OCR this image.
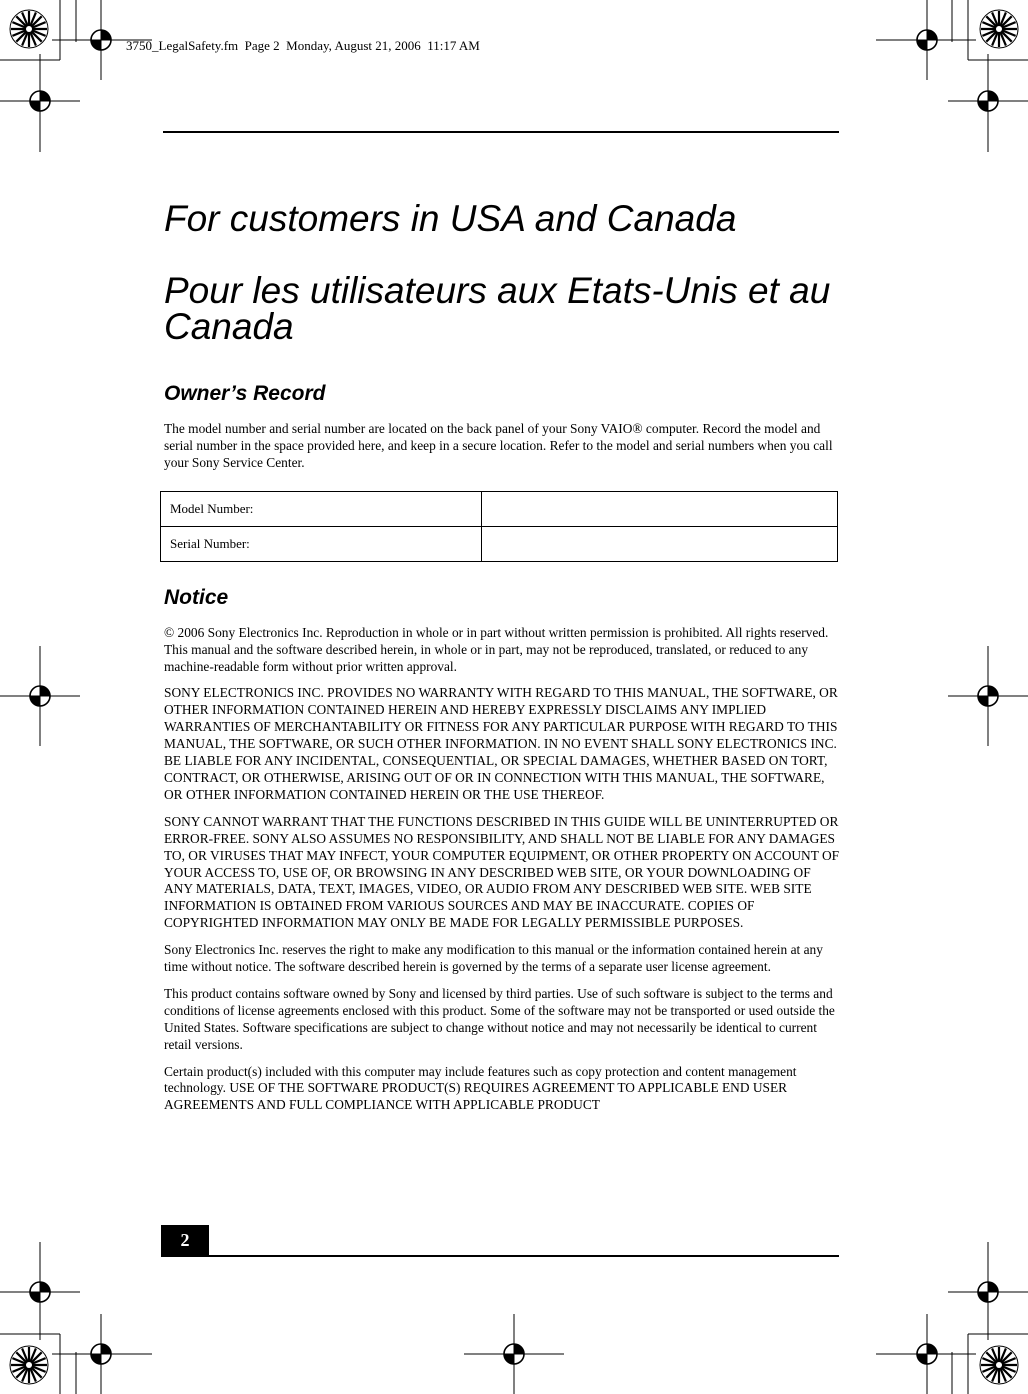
3750_LegalSafety.fm  Page 2  Monday, August 21, 2006  11:17 AM
For customers in USA and Canada
Pour les utilisateurs aux Etats-Unis et au Canada
Owner’s Record

The model number and serial number are located on the back panel of your Sony VAIO® computer. Record the model and serial number in the space provided here, and keep in a secure location. Refer to the model and serial numbers when you call your Sony Service Center.

Model Number:	
Serial Number:	
Notice

© 2006 Sony Electronics Inc. Reproduction in whole or in part without written permission is prohibited. All rights reserved. This manual and the software described herein, in whole or in part, may not be reproduced, translated, or reduced to any machine-readable form without prior written approval.

SONY ELECTRONICS INC. PROVIDES NO WARRANTY WITH REGARD TO THIS MANUAL, THE SOFTWARE, OR OTHER INFORMATION CONTAINED HEREIN AND HEREBY EXPRESSLY DISCLAIMS ANY IMPLIED WARRANTIES OF MERCHANTABILITY OR FITNESS FOR ANY PARTICULAR PURPOSE WITH REGARD TO THIS MANUAL, THE SOFTWARE, OR SUCH OTHER INFORMATION. IN NO EVENT SHALL SONY ELECTRONICS INC. BE LIABLE FOR ANY INCIDENTAL, CONSEQUENTIAL, OR SPECIAL DAMAGES, WHETHER BASED ON TORT, CONTRACT, OR OTHERWISE, ARISING OUT OF OR IN CONNECTION WITH THIS MANUAL, THE SOFTWARE, OR OTHER INFORMATION CONTAINED HEREIN OR THE USE THEREOF.

SONY CANNOT WARRANT THAT THE FUNCTIONS DESCRIBED IN THIS GUIDE WILL BE UNINTERRUPTED OR ERROR-FREE. SONY ALSO ASSUMES NO RESPONSIBILITY, AND SHALL NOT BE LIABLE FOR ANY DAMAGES TO, OR VIRUSES THAT MAY INFECT, YOUR COMPUTER EQUIPMENT, OR OTHER PROPERTY ON ACCOUNT OF YOUR ACCESS TO, USE OF, OR BROWSING IN ANY DESCRIBED WEB SITE, OR YOUR DOWNLOADING OF ANY MATERIALS, DATA, TEXT, IMAGES, VIDEO, OR AUDIO FROM ANY DESCRIBED WEB SITE. WEB SITE INFORMATION IS OBTAINED FROM VARIOUS SOURCES AND MAY BE INACCURATE. COPIES OF COPYRIGHTED INFORMATION MAY ONLY BE MADE FOR LEGALLY PERMISSIBLE PURPOSES.

Sony Electronics Inc. reserves the right to make any modification to this manual or the information contained herein at any time without notice. The software described herein is governed by the terms of a separate user license agreement.

This product contains software owned by Sony and licensed by third parties. Use of such software is subject to the terms and conditions of license agreements enclosed with this product. Some of the software may not be transported or used outside the United States. Software specifications are subject to change without notice and may not necessarily be identical to current retail versions.

Certain product(s) included with this computer may include features such as copy protection and content management technology. USE OF THE SOFTWARE PRODUCT(S) REQUIRES AGREEMENT TO APPLICABLE END USER AGREEMENTS AND FULL COMPLIANCE WITH APPLICABLE PRODUCT

2
